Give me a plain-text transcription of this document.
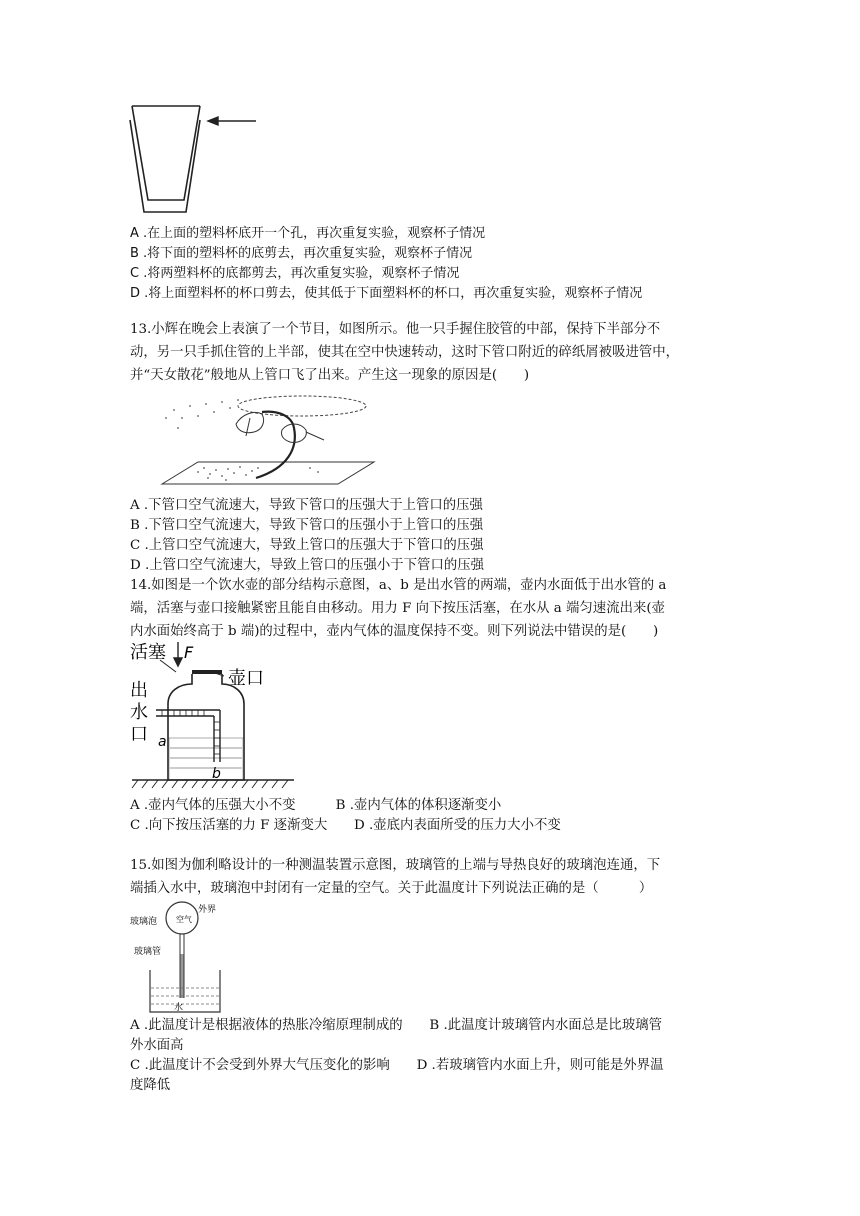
A .在上面的塑料杯底开一个孔，再次重复实验，观察杯子情况
B .将下面的塑料杯的底剪去，再次重复实验，观察杯子情况
C .将两塑料杯的底都剪去，再次重复实验，观察杯子情况
D .将上面塑料杯的杯口剪去，使其低于下面塑料杯的杯口，再次重复实验，观察杯子情况
13.小辉在晚会上表演了一个节目，如图所示。他一只手握住胶管的中部，保持下半部分不
动，另一只手抓住管的上半部，使其在空中快速转动，这时下管口附近的碎纸屑被吸进管中，
并“天女散花”般地从上管口飞了出来。产生这一现象的原因是(　　)
A .下管口空气流速大，导致下管口的压强大于上管口的压强
B .下管口空气流速大，导致下管口的压强小于上管口的压强
C .上管口空气流速大，导致上管口的压强大于下管口的压强
D .上管口空气流速大，导致上管口的压强小于下管口的压强
14.如图是一个饮水壶的部分结构示意图，a、b 是出水管的两端，壶内水面低于出水管的 a
端，活塞与壶口接触紧密且能自由移动。用力 F 向下按压活塞，在水从 a 端匀速流出来(壶
内水面始终高于 b 端)的过程中，壶内气体的温度保持不变。则下列说法中错误的是(　　)
活塞 F
壶口
出
水
口 a
b
A .壶内气体的压强大小不变　　　B .壶内气体的体积逐渐变小
C .向下按压活塞的力 F 逐渐变大　　D .壶底内表面所受的压力大小不变
15.如图为伽利略设计的一种测温装置示意图，玻璃管的上端与导热良好的玻璃泡连通，下
端插入水中，玻璃泡中封闭有一定量的空气。关于此温度计下列说法正确的是（　　　）
玻璃泡 空气
外界
玻璃管
水
A .此温度计是根据液体的热胀冷缩原理制成的　　B .此温度计玻璃管内水面总是比玻璃管
外水面高
C .此温度计不会受到外界大气压变化的影响　　D .若玻璃管内水面上升，则可能是外界温
度降低
